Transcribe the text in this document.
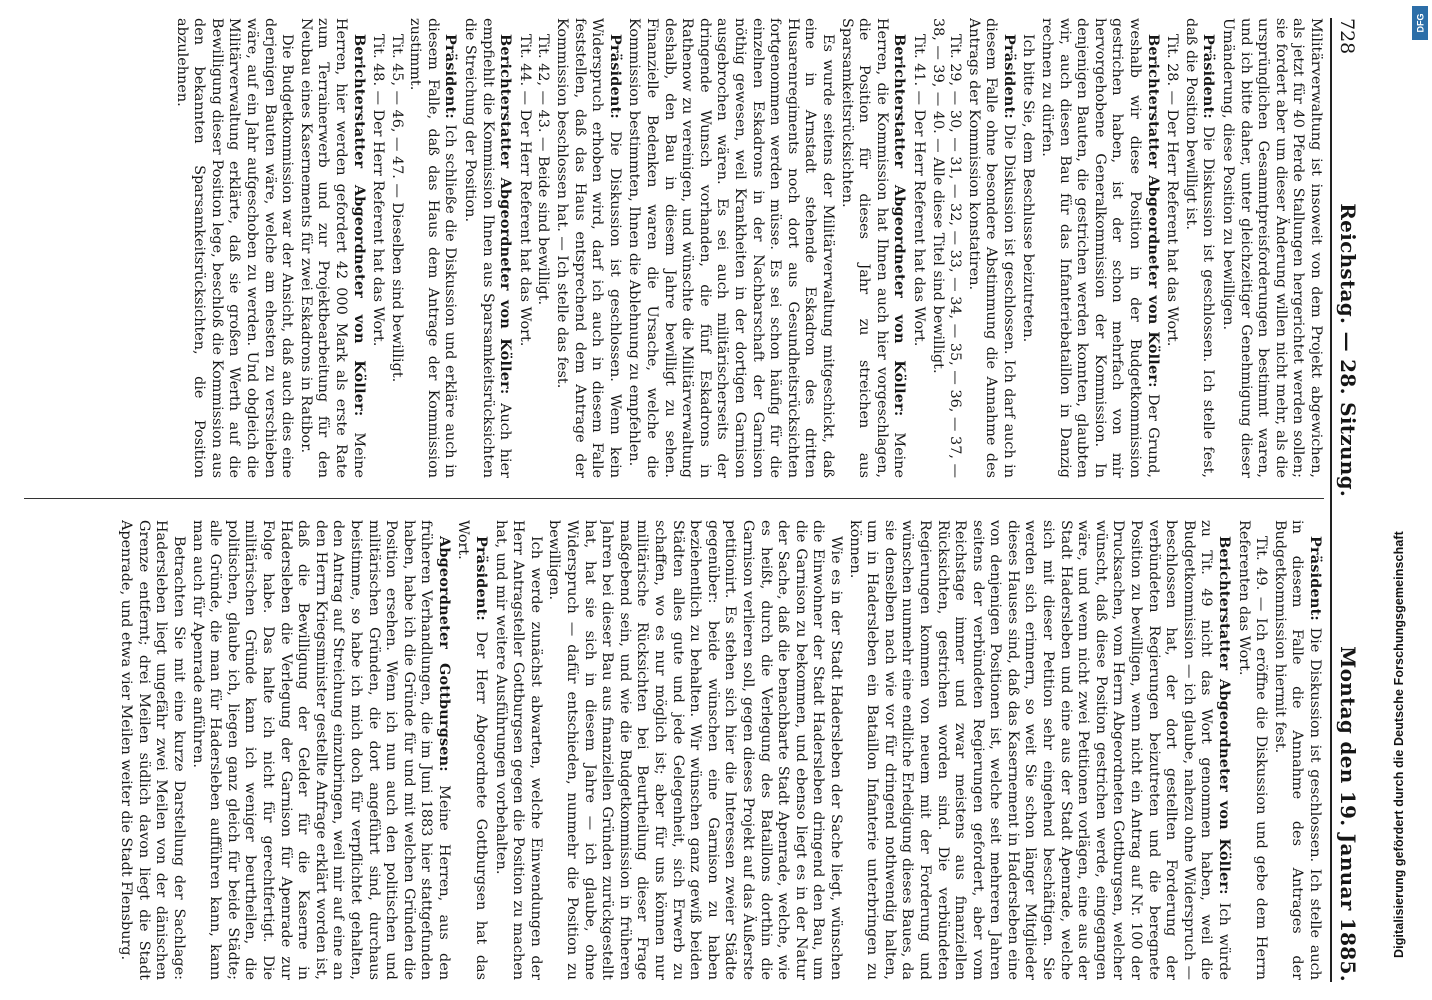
728
Reichstag. — 28. Sitzung.
Montag den 19. Januar 1885.

Militärverwaltung ist insoweit von dem Projekt abgewichen, als jetzt für 40 Pferde Stallungen hergerichtet werden sollen; sie fordert aber um dieser Änderung willen nicht mehr, als die ursprünglichen Gesammtpreisforderungen bestimmt waren, und ich bitte daher, unter gleichzeitiger Genehmigung dieser Umänderung, diese Position zu bewilligen.

Präsident: Die Diskussion ist geschlossen. Ich stelle fest, daß die Position bewilligt ist.

Tit. 28. — Der Herr Referent hat das Wort.

Berichterstatter Abgeordneter von Köller: Der Grund, weshalb wir diese Position in der Budgetkommission gestrichen haben, ist der schon mehrfach von mir hervorgehobene Generalkommission der Kommission. In denjenigen Bauten, die gestrichen werden konnten, glaubten wir, auch diesen Bau für das Infanteriebataillon in Danzig rechnen zu dürfen.

Ich bitte Sie, dem Beschlusse beizutreten.

Präsident: Die Diskussion ist geschlossen. Ich darf auch in diesem Falle ohne besondere Abstimmung die Annahme des Antrags der Kommission konstatiren.

Tit. 29, — 30, — 31, — 32, — 33, — 34, — 35, — 36, — 37, — 38, — 39, — 40. — Alle diese Titel sind bewilligt.

Tit. 41. — Der Herr Referent hat das Wort.

Berichterstatter Abgeordneter von Köller: Meine Herren, die Kommission hat Ihnen auch hier vorgeschlagen, die Position für dieses Jahr zu streichen aus Sparsamkeitsrücksichten.

Es wurde seitens der Militärverwaltung mitgeschickt, daß eine in Arnstadt stehende Eskadron des dritten Husarenregiments noch dort aus Gesundheitsrücksichten fortgenommen werden müsse. Es sei schon häufig für die einzelnen Eskadrons in der Nachbarschaft der Garnison nöthig gewesen, weil Krankheiten in der dortigen Garnison ausgebrochen wären. Es sei auch militärischerseits der dringende Wunsch vorhanden, die fünf Eskadrons in Rathenow zu vereinigen, und wünschte die Militärverwaltung deshalb, den Bau in diesem Jahre bewilligt zu sehen. Finanzielle Bedenken waren die Ursache, welche die Kommission bestimmten, Ihnen die Ablehnung zu empfehlen.

Präsident: Die Diskussion ist geschlossen. Wenn kein Widerspruch erhoben wird, darf ich auch in diesem Falle feststellen, daß das Haus entsprechend dem Antrage der Kommission beschlossen hat. — Ich stelle das fest.

Tit. 42, — 43. — Beide sind bewilligt.

Tit. 44. — Der Herr Referent hat das Wort.

Berichterstatter Abgeordneter von Köller: Auch hier empfiehlt die Kommission Ihnen aus Sparsamkeitsrücksichten die Streichung der Position.

Präsident: Ich schließe die Diskussion und erkläre auch in diesem Falle, daß das Haus dem Antrage der Kommission zustimmt.

Tit. 45, — 46, — 47. — Dieselben sind bewilligt.

Tit. 48. — Der Herr Referent hat das Wort.

Berichterstatter Abgeordneter von Köller: Meine Herren, hier werden gefordert 42 000 Mark als erste Rate zum Terrainerwerb und zur Projektbearbeitung für den Neubau eines Kasernements für zwei Eskadrons in Ratibor.

Die Budgetkommission war der Ansicht, daß auch dies eine derjenigen Bauten wäre, welche am ehesten zu verschieben wäre, auf ein Jahr aufgeschoben zu werden. Und obgleich die Militärverwaltung erklärte, daß sie großen Werth auf die Bewilligung dieser Position lege, beschloß die Kommission aus den bekannten Sparsamkeitsrücksichten, die Position abzulehnen.

Präsident: Die Diskussion ist geschlossen. Ich stelle auch in diesem Falle die Annahme des Antrages der Budgetkommission hiermit fest.

Tit. 49. — Ich eröffne die Diskussion und gebe dem Herrn Referenten das Wort.

Berichterstatter Abgeordneter von Köller: Ich würde zu Tit. 49 nicht das Wort genommen haben, weil die Budgetkommission — ich glaube, nahezu ohne Widerspruch — beschlossen hat, der dort gestellten Forderung der verbündeten Regierungen beizutreten und die beregnete Position zu bewilligen, wenn nicht ein Antrag auf Nr. 100 der Drucksachen, vom Herrn Abgeordneten Gottburgsen, welcher wünscht, daß diese Position gestrichen werde, eingegangen wäre, und wenn nicht zwei Petitionen vorlägen, eine aus der Stadt Hadersleben und eine aus der Stadt Apenrade, welche sich mit dieser Petition sehr eingehend beschäftigen. Sie werden sich erinnern, so weit Sie schon länger Mitglieder dieses Hauses sind, daß das Kasernement in Hadersleben eine von denjenigen Positionen ist, welche seit mehreren Jahren seitens der verbündeten Regierungen gefordert, aber vom Reichstage immer und zwar meistens aus finanziellen Rücksichten, gestrichen worden sind. Die verbündeten Regierungen kommen von neuem mit der Forderung und wünschen nunmehr eine endliche Erledigung dieses Baues, da sie denselben nach wie vor für dringend nothwendig halten, um in Hadersleben ein Bataillon Infanterie unterbringen zu können.

Wie es in der Stadt Hadersleben der Sache liegt, wünschen die Einwohner der Stadt Hadersleben dringend den Bau, um die Garnison zu bekommen, und ebenso liegt es in der Natur der Sache, daß die benachbarte Stadt Apenrade, welche, wie es heißt, durch die Verlegung des Bataillons dorthin die Garnison verlieren soll, gegen dieses Projekt auf das Äußerste petitionirt. Es stehen sich hier die Interessen zweier Städte gegenüber: beide wünschen eine Garnison zu haben beziehentlich zu behalten. Wir wünschen ganz gewiß beiden Städten alles gute und jede Gelegenheit, sich Erwerb zu schaffen, wo es nur möglich ist; aber für uns können nur militärische Rücksichten bei Beurtheilung dieser Frage maßgebend sein, und wie die Budgetkommission in früheren Jahren bei dieser Bau aus finanziellen Gründen zurückgestellt hat, hat sie sich in diesem Jahre — ich glaube, ohne Widerspruch — dafür entschieden, nunmehr die Position zu bewilligen.

Ich werde zunächst abwarten, welche Einwendungen der Herr Antragsteller Gottburgsen gegen die Position zu machen hat, und mir weitere Ausführungen vorbehalten.

Präsident: Der Herr Abgeordnete Gottburgsen hat das Wort.

Abgeordneter Gottburgsen: Meine Herren, aus den früheren Verhandlungen, die im Juni 1883 hier stattgefunden haben, habe ich die Gründe für und mit welchen Gründen die Position ersehen. Wenn ich nun auch den politischen und militärischen Gründen, die dort angeführt sind, durchaus beistimme, so habe ich mich doch für verpflichtet gehalten, den Antrag auf Streichung einzubringen, weil mir auf eine an den Herrn Kriegsminister gestellte Anfrage erklärt worden ist, daß die Bewilligung der Gelder für die Kaserne in Hadersleben die Verlegung der Garnison für Apenrade zur Folge habe. Das halte ich nicht für gerechtfertigt. Die militärischen Gründe kann ich weniger beurtheilen, die politischen, glaube ich, liegen ganz gleich für beide Städte; alle Gründe, die man für Hadersleben aufführen kann, kann man auch für Apenrade anführen.

Betrachten Sie mit eine kurze Darstellung der Sachlage: Hadersleben liegt ungefähr zwei Meilen von der dänischen Grenze entfernt; drei Meilen südlich davon liegt die Stadt Apenrade, und etwa vier Meilen weiter die Stadt Flensburg.	Digitalisierung gefördert durch die Deutsche Forschungsgemeinschaft
DFG
